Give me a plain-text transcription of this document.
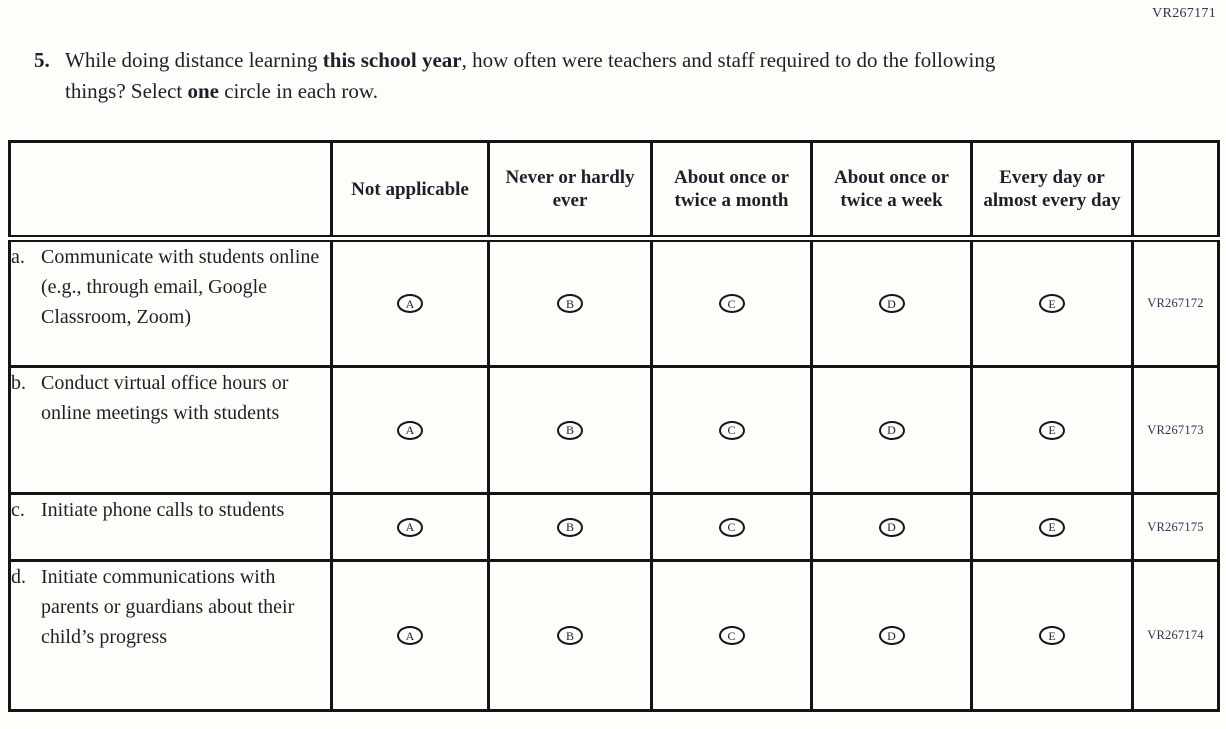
VR267171
5. While doing distance learning this school year, how often were teachers and staff required to do the following things? Select one circle in each row.
	Not applicable	Never or hardly ever	About once or twice a month	About once or twice a week	Every day or almost every day	

a. Communicate with students online (e.g., through email, Google Classroom, Zoom)	A	B	C	D	E	VR267172

b. Conduct virtual office hours or online meetings with students	A	B	C	D	E	VR267173

c. Initiate phone calls to students	A	B	C	D	E	VR267175

d. Initiate communications with parents or guardians about their child’s progress	A	B	C	D	E	VR267174
